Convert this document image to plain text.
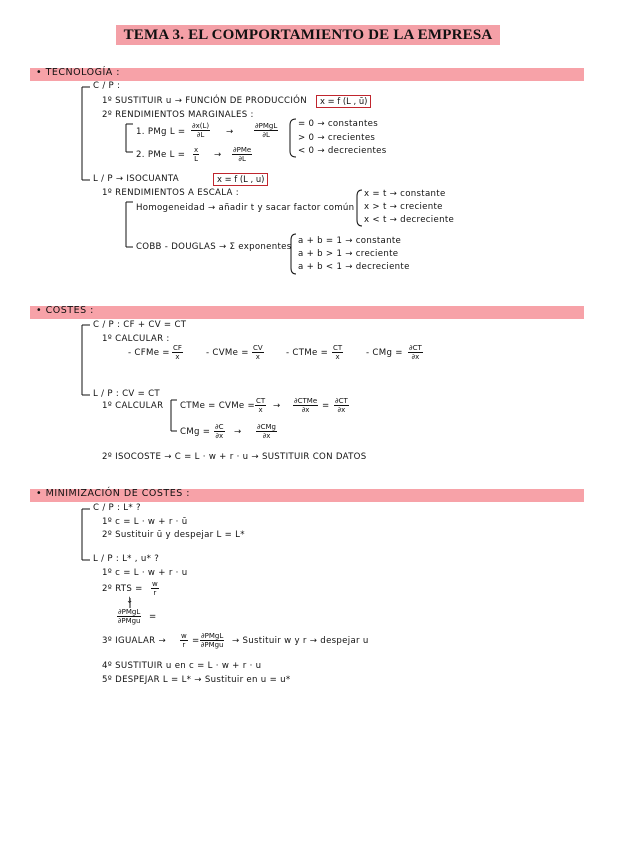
TEMA 3. EL COMPORTAMIENTO DE LA EMPRESA
• TECNOLOGÍA :
C / P :
1º SUSTITUIR u → FUNCIÓN DE PRODUCCIÓN	x = f (L , ū)
2º RENDIMIENTOS MARGINALES :
1. PMg $L = \frac{\partial x(L)}{\partial L}$ →
∂PMgL
∂L
2. PMe $L = \frac{x}{L} \to \partial PMe$
∂L
= 0 → constantes
> 0 → crecientes
< 0 → decrecientes
L / P → ISOCUANTA	x = f (L , u)
1º RENDIMIENTOS A ESCALA :
Homogeneidad → añadir t y sacar factor común
x = t → constante
x > t → creciente
x < t → decreciente
COBB - DOUGLAS → Σ exponentes
a + b = 1 → constante
a + b > 1 → creciente
a + b < 1 → decreciente
• COSTES :
C / P : CF + CV = CT
1º CALCULAR :
- CFMe = $\frac{CF}{x}$	- CVMe = $\frac{CV}{x}$	- CTMe = $\frac{CT}{x}$	- CMg = $\frac{\partial CT}{\partial x}$
L / P : CV = CT
1º CALCULAR CTMe = CVMe = $\frac{CT}{x}$ → ∂CTMe
$\partial x = \frac{\partial CT}{\partial x}$
CMg = $\frac{\partial C}{\partial x} \to \partial CMg$
∂x
2º ISOCOSTE → C = L · w + r · u → SUSTITUIR CON DATOS
• MINIMIZACIÓN DE COSTES :
C / P : L* ?
1º c = L · w + r · ū
2º Sustituir ū y despejar L = L*
L / P : L* , u* ?
1º c = L · w + r · u
2º RTS = $\frac{w}{r}$
↓
∂PMgL
∂PMgu =
3º IGUALAR → $\frac{w}{r}$ = ∂PMgL
∂PMgu → Sustituir w y r → despejar u
4º SUSTITUIR u en c = L · w + r · u
5º DESPEJAR L = L* → Sustituir en u = u*
